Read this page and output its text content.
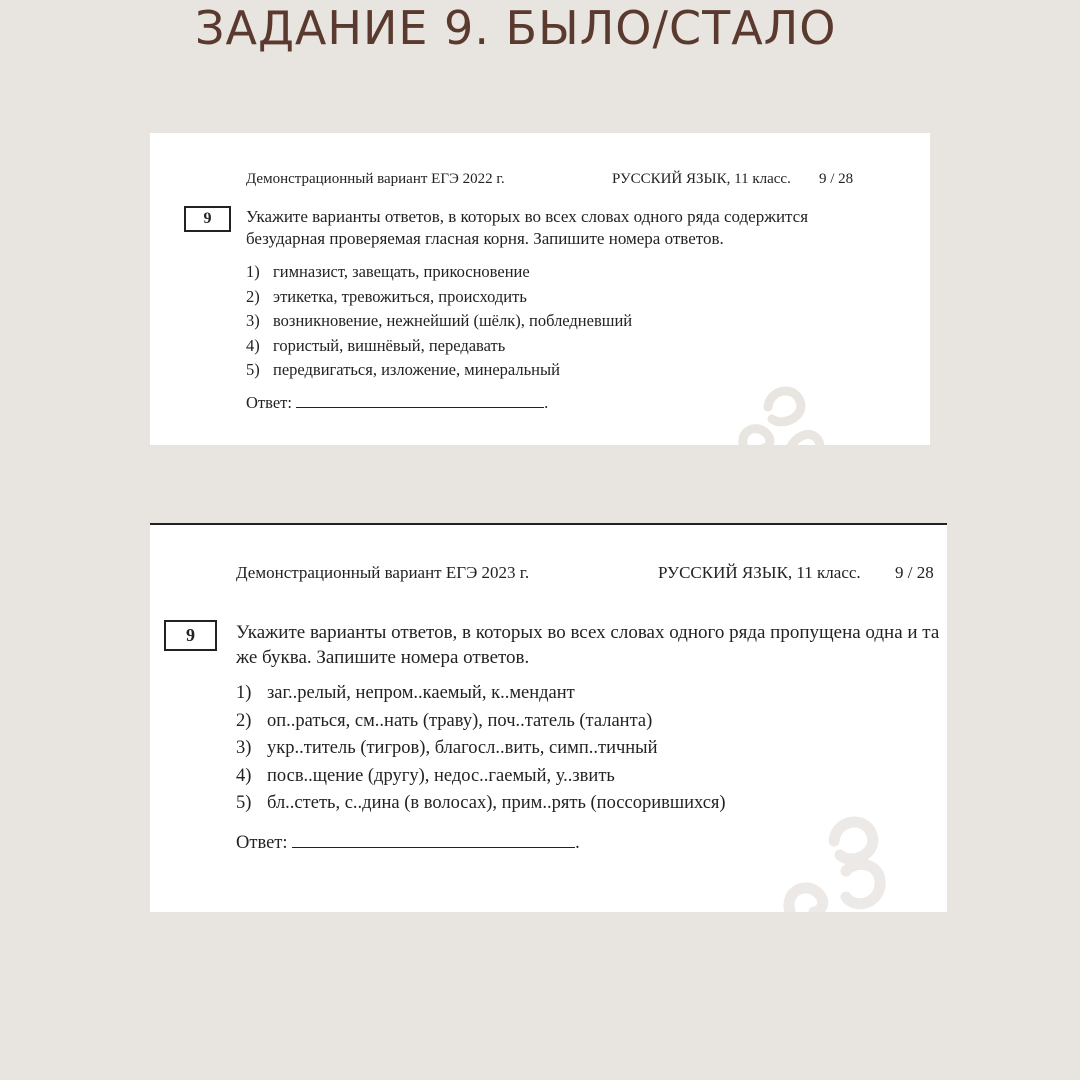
ЗАДАНИЕ 9. БЫЛО/СТАЛО
Демонстрационный вариант ЕГЭ 2022 г.	РУССКИЙ ЯЗЫК, 11 класс. 9 / 28
9	Укажите варианты ответов, в которых во всех словах одного ряда содержится безударная проверяемая гласная корня. Запишите номера ответов.
1) гимназист, завещать, прикосновение
2) этикетка, тревожиться, происходить
3) возникновение, нежнейший (шёлк), побледневший
4) гористый, вишнёвый, передавать
5) передвигаться, изложение, минеральный
Ответ:	.
Демонстрационный вариант ЕГЭ 2023 г.	РУССКИЙ ЯЗЫК, 11 класс. 9 / 28
9	Укажите варианты ответов, в которых во всех словах одного ряда пропущена одна и та же буква. Запишите номера ответов.
1) заг..релый, непром..каемый, к..мендант
2) оп..раться, см..нать (траву), поч..татель (таланта)
3) укр..титель (тигров), благосл..вить, симп..тичный
4) посв..щение (другу), недос..гаемый, у..звить
5) бл..стеть, с..дина (в волосах), прим..рять (поссорившихся)
Ответ:	.
